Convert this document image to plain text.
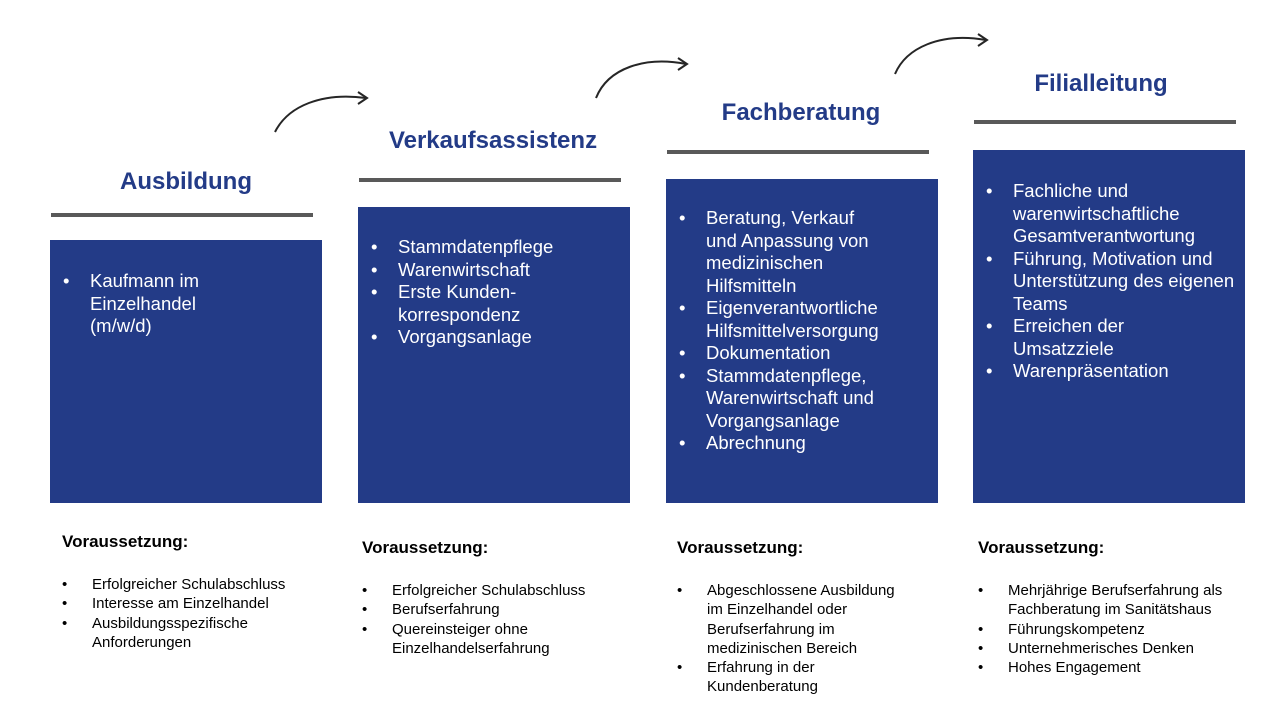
Ausbildung
• Kaufmann im Einzelhandel (m/w/d)
Voraussetzung:
• Erfolgreicher Schulabschluss
• Interesse am Einzelhandel
• Ausbildungsspezifische Anforderungen
Verkaufsassistenz
• Stammdatenpflege
• Warenwirtschaft
• Erste Kunden-korrespondenz
• Vorgangsanlage
Voraussetzung:
• Erfolgreicher Schulabschluss
• Berufserfahrung
• Quereinsteiger ohne Einzelhandelserfahrung
Fachberatung
• Beratung, Verkauf und Anpassung von medizinischen Hilfsmitteln
• Eigenverantwortliche Hilfsmittelversorgung
• Dokumentation
• Stammdatenpflege, Warenwirtschaft und Vorgangsanlage
• Abrechnung
Voraussetzung:
• Abgeschlossene Ausbildung im Einzelhandel oder Berufserfahrung im medizinischen Bereich
• Erfahrung in der Kundenberatung
Filialleitung
• Fachliche und warenwirtschaftliche Gesamtverantwortung
• Führung, Motivation und Unterstützung des eigenen Teams
• Erreichen der Umsatzziele
• Warenpräsentation
Voraussetzung:
• Mehrjährige Berufserfahrung als Fachberatung im Sanitätshaus
• Führungskompetenz
• Unternehmerisches Denken
• Hohes Engagement
